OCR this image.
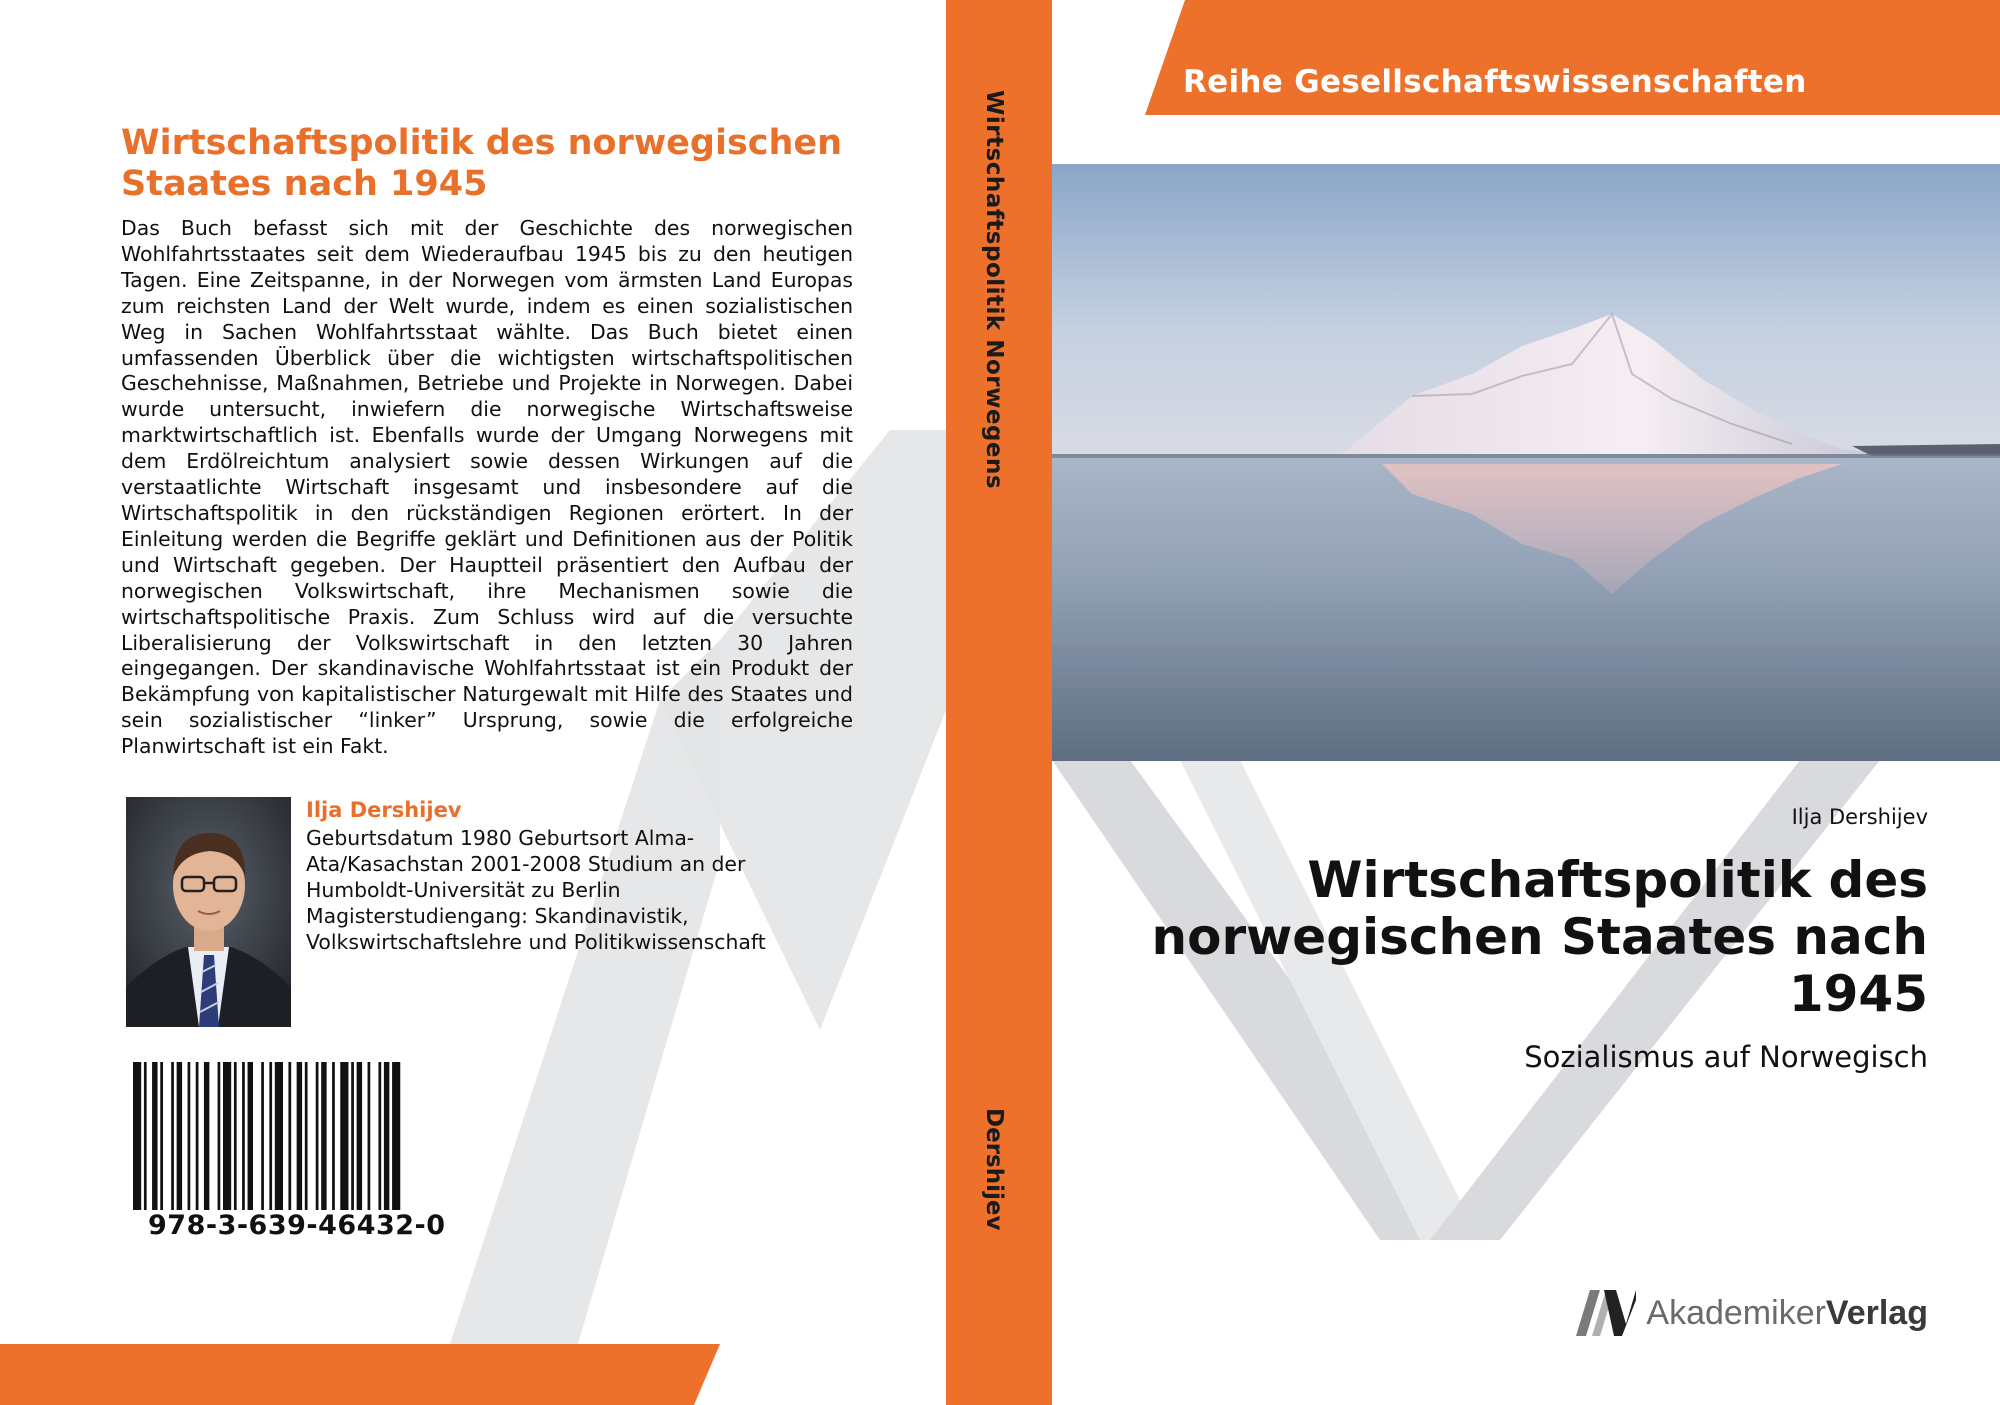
Wirtschaftspolitik des norwegischen Staates nach 1945
Das Buch befasst sich mit der Geschichte des norwegischen Wohlfahrtsstaates seit dem Wiederaufbau 1945 bis zu den heutigen Tagen. Eine Zeitspanne, in der Norwegen vom ärmsten Land Europas zum reichsten Land der Welt wurde, indem es einen sozialistischen Weg in Sachen Wohlfahrtsstaat wählte. Das Buch bietet einen umfassenden Überblick über die wichtigsten wirtschaftspolitischen Geschehnisse, Maßnahmen, Betriebe und Projekte in Norwegen. Dabei wurde untersucht, inwiefern die norwegische Wirtschaftsweise marktwirtschaftlich ist. Ebenfalls wurde der Umgang Norwegens mit dem Erdölreichtum analysiert sowie dessen Wirkungen auf die verstaatlichte Wirtschaft insgesamt und insbesondere auf die Wirtschaftspolitik in den rückständigen Regionen erörtert. In der Einleitung werden die Begriffe geklärt und Definitionen aus der Politik und Wirtschaft gegeben. Der Hauptteil präsentiert den Aufbau der norwegischen Volkswirtschaft, ihre Mechanismen sowie die wirtschaftspolitische Praxis. Zum Schluss wird auf die versuchte Liberalisierung der Volkswirtschaft in den letzten 30 Jahren eingegangen. Der skandinavische Wohlfahrtsstaat ist ein Produkt der Bekämpfung von kapitalistischer Naturgewalt mit Hilfe des Staates und sein sozialistischer “linker” Ursprung, sowie die erfolgreiche Planwirtschaft ist ein Fakt.
Ilja Dershijev
Geburtsdatum 1980 Geburtsort Alma-Ata/Kasachstan 2001-2008 Studium an der Humboldt-Universität zu Berlin Magisterstudiengang: Skandinavistik, Volkswirtschaftslehre und Politikwissenschaft
978-3-639-46432-0
Wirtschaftspolitik Norwegens
Dershijev
Reihe Gesellschaftswissenschaften
Ilja Dershijev
Wirtschaftspolitik des norwegischen Staates nach 1945
Sozialismus auf Norwegisch
Akademiker Verlag
